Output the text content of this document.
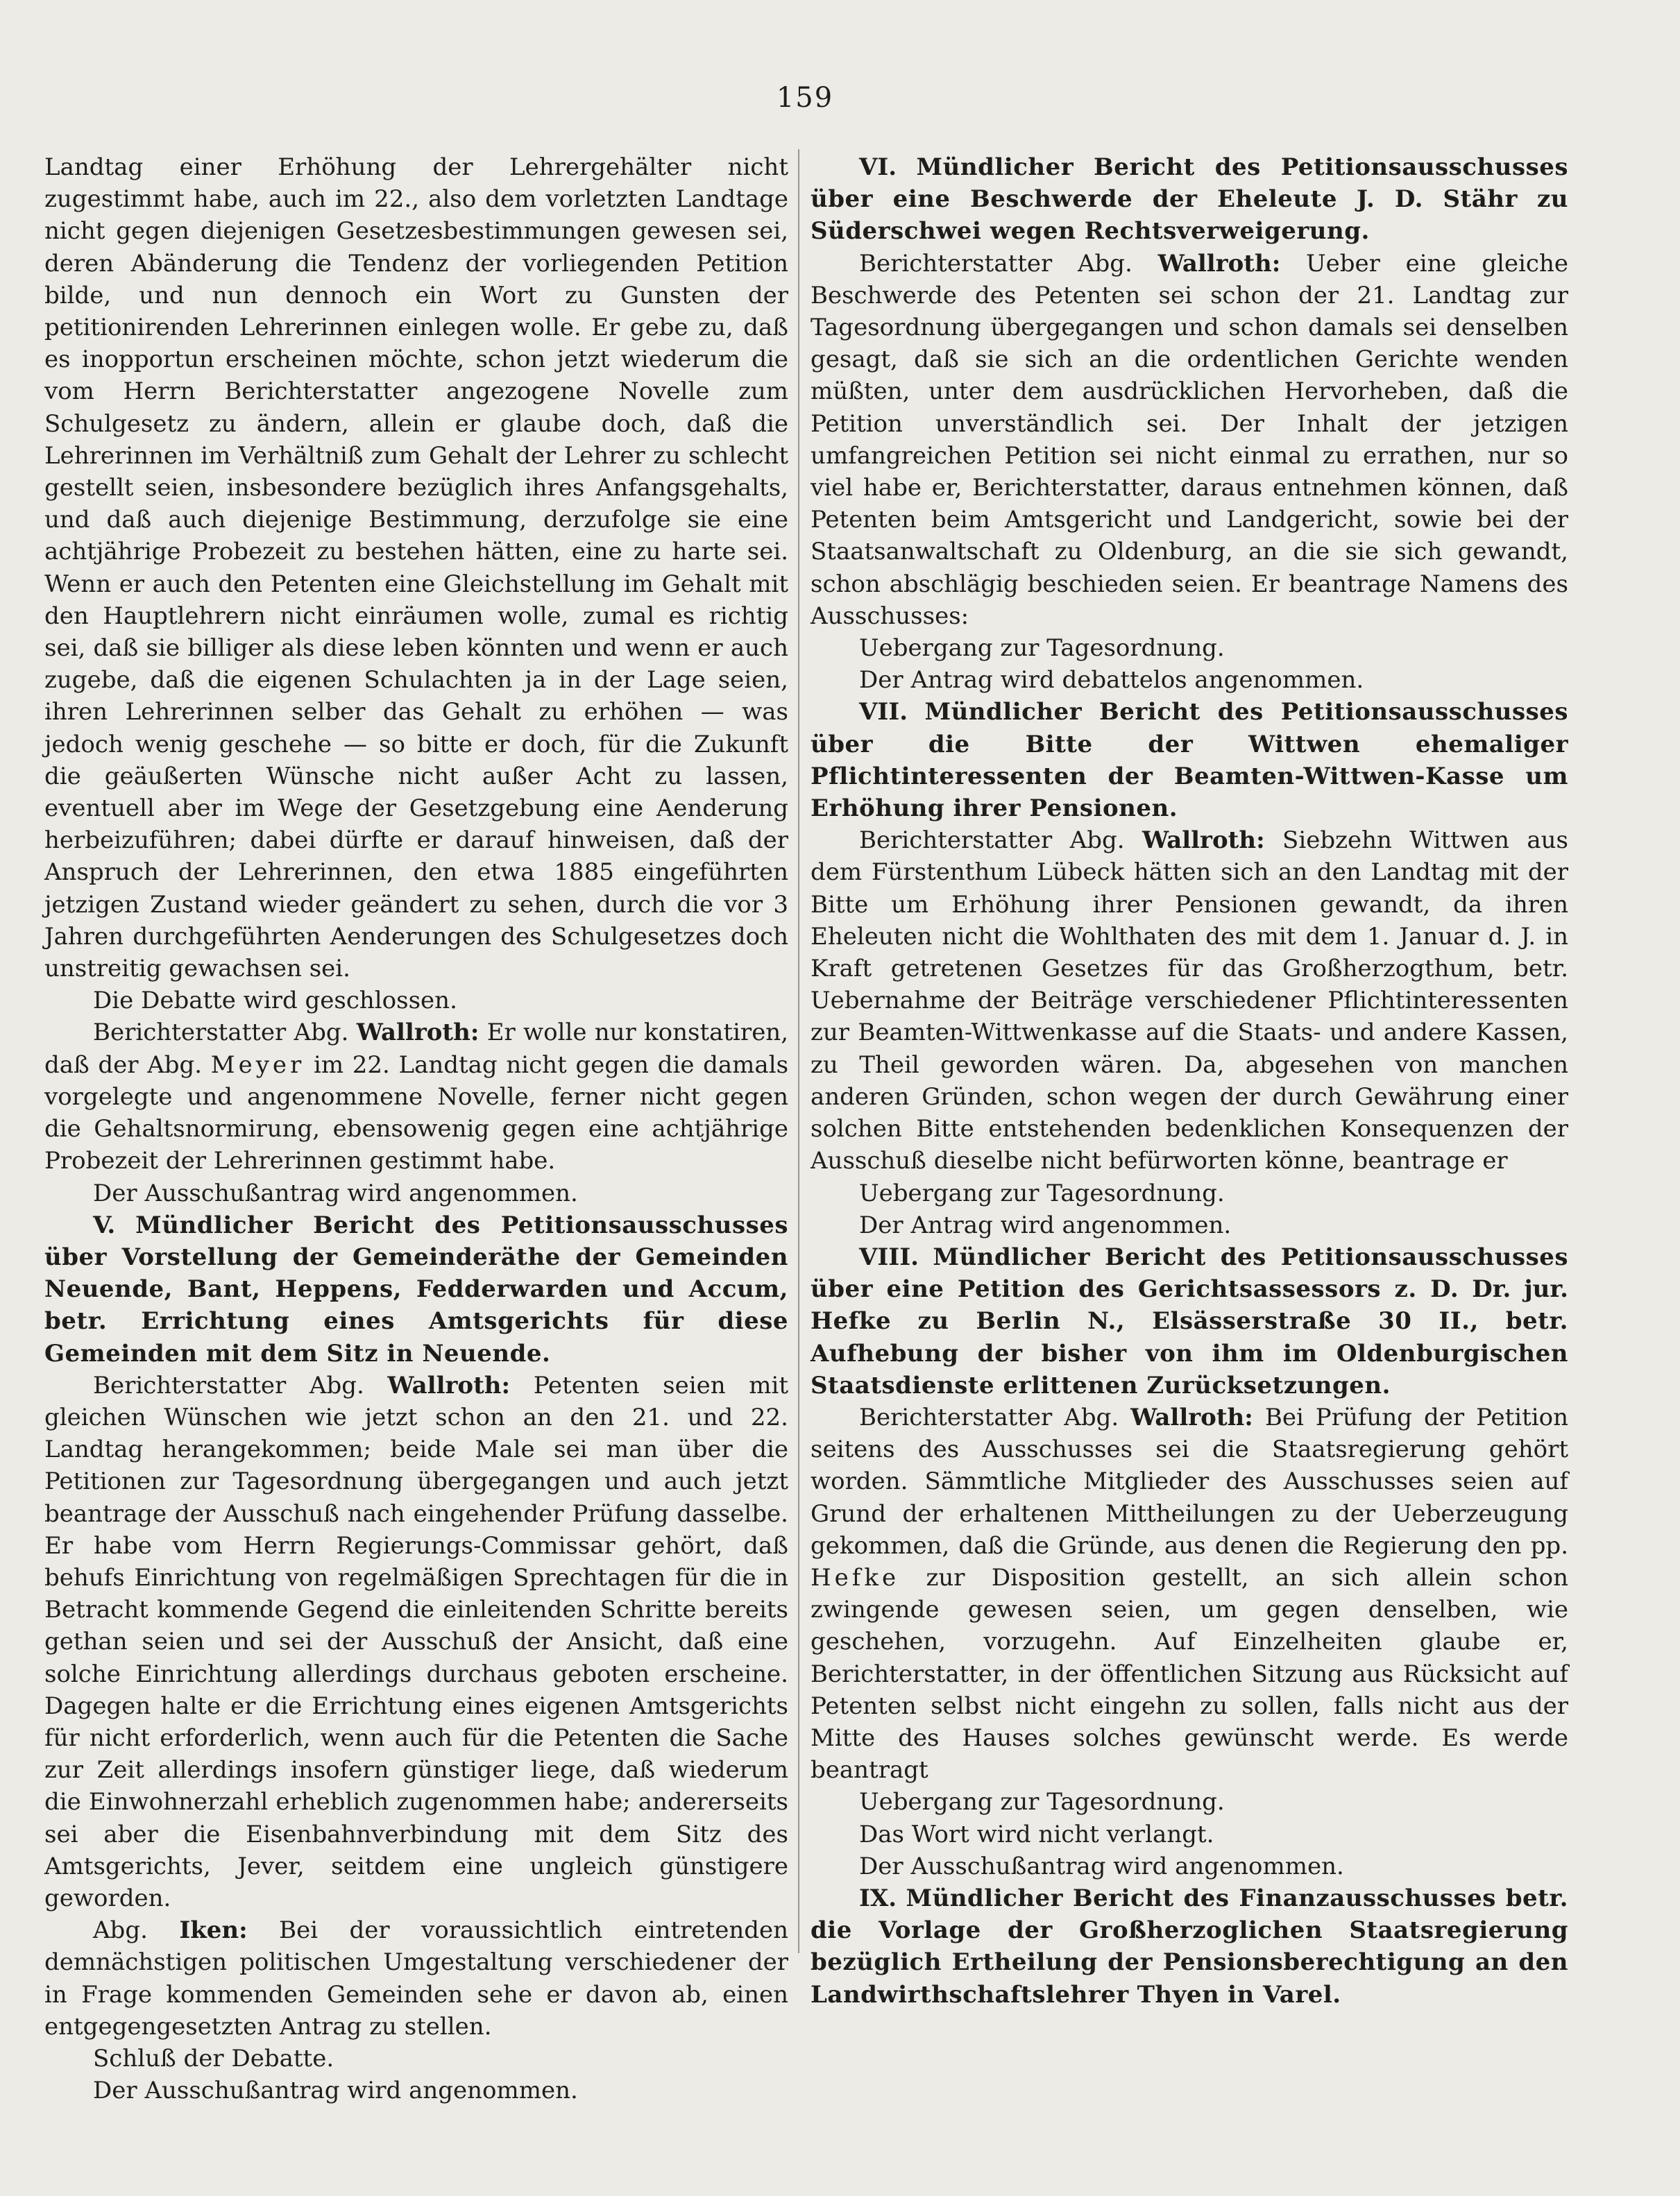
159

Landtag einer Erhöhung der Lehrergehälter nicht zugestimmt habe, auch im 22., also dem vorletzten Landtage nicht gegen diejenigen Gesetzesbestimmungen gewesen sei, deren Abänderung die Tendenz der vorliegenden Petition bilde, und nun dennoch ein Wort zu Gunsten der petitionirenden Lehrerinnen einlegen wolle. Er gebe zu, daß es inopportun erscheinen möchte, schon jetzt wiederum die vom Herrn Berichterstatter angezogene Novelle zum Schulgesetz zu ändern, allein er glaube doch, daß die Lehrerinnen im Verhältniß zum Gehalt der Lehrer zu schlecht gestellt seien, insbesondere bezüglich ihres Anfangsgehalts, und daß auch diejenige Bestimmung, derzufolge sie eine achtjährige Probezeit zu bestehen hätten, eine zu harte sei. Wenn er auch den Petenten eine Gleichstellung im Gehalt mit den Hauptlehrern nicht einräumen wolle, zumal es richtig sei, daß sie billiger als diese leben könnten und wenn er auch zugebe, daß die eigenen Schulachten ja in der Lage seien, ihren Lehrerinnen selber das Gehalt zu erhöhen — was jedoch wenig geschehe — so bitte er doch, für die Zukunft die geäußerten Wünsche nicht außer Acht zu lassen, eventuell aber im Wege der Gesetzgebung eine Aenderung herbeizuführen; dabei dürfte er darauf hinweisen, daß der Anspruch der Lehrerinnen, den etwa 1885 eingeführten jetzigen Zustand wieder geändert zu sehen, durch die vor 3 Jahren durchgeführten Aenderungen des Schulgesetzes doch unstreitig gewachsen sei.

Die Debatte wird geschlossen.

Berichterstatter Abg. Wallroth: Er wolle nur konstatiren, daß der Abg. Meyer im 22. Landtag nicht gegen die damals vorgelegte und angenommene Novelle, ferner nicht gegen die Gehaltsnormirung, ebensowenig gegen eine achtjährige Probezeit der Lehrerinnen gestimmt habe.

Der Ausschußantrag wird angenommen.

V. Mündlicher Bericht des Petitionsausschusses über Vorstellung der Gemeinderäthe der Gemeinden Neuende, Bant, Heppens, Fedderwarden und Accum, betr. Errichtung eines Amtsgerichts für diese Gemeinden mit dem Sitz in Neuende.

Berichterstatter Abg. Wallroth: Petenten seien mit gleichen Wünschen wie jetzt schon an den 21. und 22. Landtag herangekommen; beide Male sei man über die Petitionen zur Tagesordnung übergegangen und auch jetzt beantrage der Ausschuß nach eingehender Prüfung dasselbe. Er habe vom Herrn Regierungs-Commissar gehört, daß behufs Einrichtung von regelmäßigen Sprechtagen für die in Betracht kommende Gegend die einleitenden Schritte bereits gethan seien und sei der Ausschuß der Ansicht, daß eine solche Einrichtung allerdings durchaus geboten erscheine. Dagegen halte er die Errichtung eines eigenen Amtsgerichts für nicht erforderlich, wenn auch für die Petenten die Sache zur Zeit allerdings insofern günstiger liege, daß wiederum die Einwohnerzahl erheblich zugenommen habe; andererseits sei aber die Eisenbahnverbindung mit dem Sitz des Amtsgerichts, Jever, seitdem eine ungleich günstigere geworden.

Abg. Iken: Bei der voraussichtlich eintretenden demnächstigen politischen Umgestaltung verschiedener der in Frage kommenden Gemeinden sehe er davon ab, einen entgegengesetzten Antrag zu stellen.

Schluß der Debatte.

Der Ausschußantrag wird angenommen.

VI. Mündlicher Bericht des Petitionsausschusses über eine Beschwerde der Eheleute J. D. Stähr zu Süderschwei wegen Rechtsverweigerung.

Berichterstatter Abg. Wallroth: Ueber eine gleiche Beschwerde des Petenten sei schon der 21. Landtag zur Tagesordnung übergegangen und schon damals sei denselben gesagt, daß sie sich an die ordentlichen Gerichte wenden müßten, unter dem ausdrücklichen Hervorheben, daß die Petition unverständlich sei. Der Inhalt der jetzigen umfangreichen Petition sei nicht einmal zu errathen, nur so viel habe er, Berichterstatter, daraus entnehmen können, daß Petenten beim Amtsgericht und Landgericht, sowie bei der Staatsanwaltschaft zu Oldenburg, an die sie sich gewandt, schon abschlägig beschieden seien. Er beantrage Namens des Ausschusses:

Uebergang zur Tagesordnung.

Der Antrag wird debattelos angenommen.

VII. Mündlicher Bericht des Petitionsausschusses über die Bitte der Wittwen ehemaliger Pflichtinteressenten der Beamten-Wittwen-Kasse um Erhöhung ihrer Pensionen.

Berichterstatter Abg. Wallroth: Siebzehn Wittwen aus dem Fürstenthum Lübeck hätten sich an den Landtag mit der Bitte um Erhöhung ihrer Pensionen gewandt, da ihren Eheleuten nicht die Wohlthaten des mit dem 1. Januar d. J. in Kraft getretenen Gesetzes für das Großherzogthum, betr. Uebernahme der Beiträge verschiedener Pflichtinteressenten zur Beamten-Wittwenkasse auf die Staats- und andere Kassen, zu Theil geworden wären. Da, abgesehen von manchen anderen Gründen, schon wegen der durch Gewährung einer solchen Bitte entstehenden bedenklichen Konsequenzen der Ausschuß dieselbe nicht befürworten könne, beantrage er

Uebergang zur Tagesordnung.

Der Antrag wird angenommen.

VIII. Mündlicher Bericht des Petitionsausschusses über eine Petition des Gerichtsassessors z. D. Dr. jur. Hefke zu Berlin N., Elsässerstraße 30 II., betr. Aufhebung der bisher von ihm im Oldenburgischen Staatsdienste erlittenen Zurücksetzungen.

Berichterstatter Abg. Wallroth: Bei Prüfung der Petition seitens des Ausschusses sei die Staatsregierung gehört worden. Sämmtliche Mitglieder des Ausschusses seien auf Grund der erhaltenen Mittheilungen zu der Ueberzeugung gekommen, daß die Gründe, aus denen die Regierung den pp. Hefke zur Disposition gestellt, an sich allein schon zwingende gewesen seien, um gegen denselben, wie geschehen, vorzugehn. Auf Einzelheiten glaube er, Berichterstatter, in der öffentlichen Sitzung aus Rücksicht auf Petenten selbst nicht eingehn zu sollen, falls nicht aus der Mitte des Hauses solches gewünscht werde. Es werde beantragt

Uebergang zur Tagesordnung.

Das Wort wird nicht verlangt.

Der Ausschußantrag wird angenommen.

IX. Mündlicher Bericht des Finanzausschusses betr. die Vorlage der Großherzoglichen Staatsregierung bezüglich Ertheilung der Pensionsberechtigung an den Landwirthschaftslehrer Thyen in Varel.
